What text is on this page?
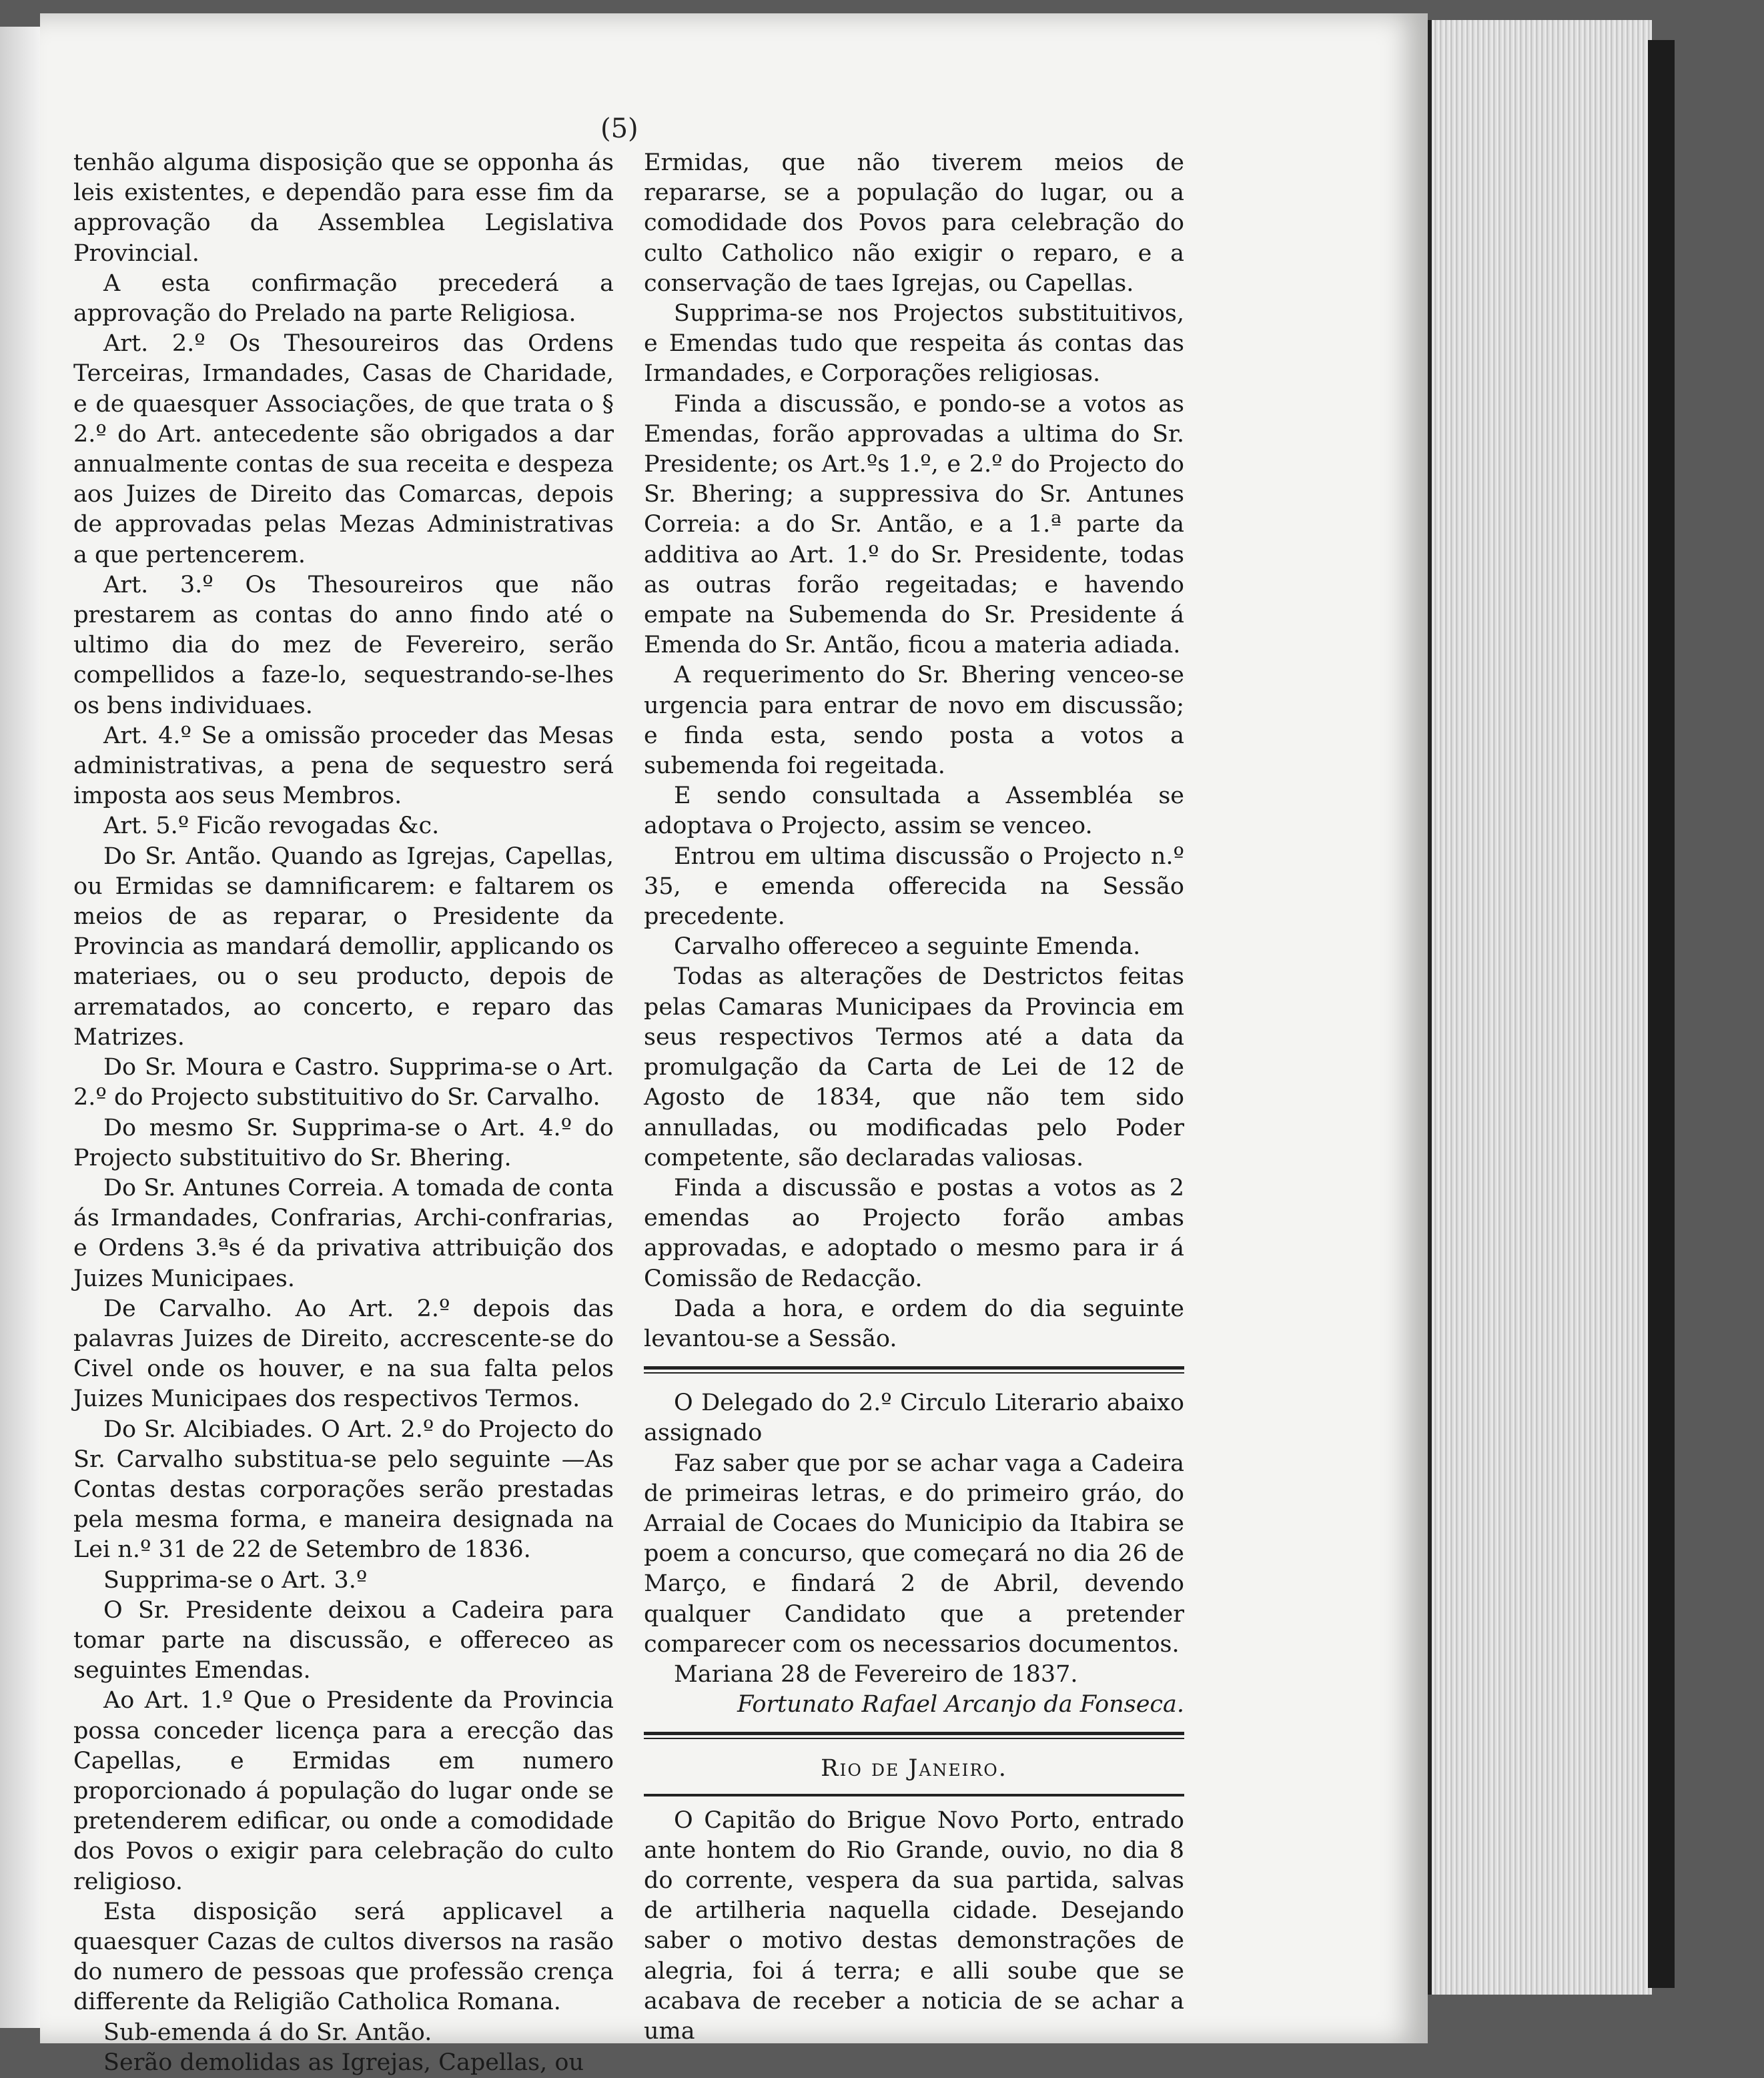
(5)

tenhão alguma disposição que se opponha ás leis existentes, e dependão para esse fim da approvação da Assemblea Legislativa Provincial.

A esta confirmação precederá a approvação do Prelado na parte Religiosa.

Art. 2.º Os Thesoureiros das Ordens Terceiras, Irmandades, Casas de Charidade, e de quaesquer Associações, de que trata o § 2.º do Art. antecedente são obrigados a dar annualmente contas de sua receita e despeza aos Juizes de Direito das Comarcas, depois de approvadas pelas Mezas Administrativas a que pertencerem.

Art. 3.º Os Thesoureiros que não prestarem as contas do anno findo até o ultimo dia do mez de Fevereiro, serão compellidos a faze-lo, sequestrando-se-lhes os bens individuaes.

Art. 4.º Se a omissão proceder das Mesas administrativas, a pena de sequestro será imposta aos seus Membros.

Art. 5.º Ficão revogadas &c.

Do Sr. Antão. Quando as Igrejas, Capellas, ou Ermidas se damnificarem: e faltarem os meios de as reparar, o Presidente da Provincia as mandará demollir, applicando os materiaes, ou o seu producto, depois de arrematados, ao concerto, e reparo das Matrizes.

Do Sr. Moura e Castro. Supprima-se o Art. 2.º do Projecto substituitivo do Sr. Carvalho.

Do mesmo Sr. Supprima-se o Art. 4.º do Projecto substituitivo do Sr. Bhering.

Do Sr. Antunes Correia. A tomada de conta ás Irmandades, Confrarias, Archi-confrarias, e Ordens 3.ªs é da privativa attribuição dos Juizes Municipaes.

De Carvalho. Ao Art. 2.º depois das palavras Juizes de Direito, accrescente-se do Civel onde os houver, e na sua falta pelos Juizes Municipaes dos respectivos Termos.

Do Sr. Alcibiades. O Art. 2.º do Projecto do Sr. Carvalho substitua-se pelo seguinte —As Contas destas corporações serão prestadas pela mesma forma, e maneira designada na Lei n.º 31 de 22 de Setembro de 1836.

Supprima-se o Art. 3.º

O Sr. Presidente deixou a Cadeira para tomar parte na discussão, e offereceo as seguintes Emendas.

Ao Art. 1.º Que o Presidente da Provincia possa conceder licença para a erecção das Capellas, e Ermidas em numero proporcionado á população do lugar onde se pretenderem edificar, ou onde a comodidade dos Povos o exigir para celebração do culto religioso.

Esta disposição será applicavel a quaesquer Cazas de cultos diversos na rasão do numero de pessoas que professão crença differente da Religião Catholica Romana.

Sub-emenda á do Sr. Antão.

Serão demolidas as Igrejas, Capellas, ou

Ermidas, que não tiverem meios de repararse, se a população do lugar, ou a comodidade dos Povos para celebração do culto Catholico não exigir o reparo, e a conservação de taes Igrejas, ou Capellas.

Supprima-se nos Projectos substituitivos, e Emendas tudo que respeita ás contas das Irmandades, e Corporações religiosas.

Finda a discussão, e pondo-se a votos as Emendas, forão approvadas a ultima do Sr. Presidente; os Art.ºs 1.º, e 2.º do Projecto do Sr. Bhering; a suppressiva do Sr. Antunes Correia: a do Sr. Antão, e a 1.ª parte da additiva ao Art. 1.º do Sr. Presidente, todas as outras forão regeitadas; e havendo empate na Subemenda do Sr. Presidente á Emenda do Sr. Antão, ficou a materia adiada.

A requerimento do Sr. Bhering venceo-se urgencia para entrar de novo em discussão; e finda esta, sendo posta a votos a subemenda foi regeitada.

E sendo consultada a Assembléa se adoptava o Projecto, assim se venceo.

Entrou em ultima discussão o Projecto n.º 35, e emenda offerecida na Sessão precedente.

Carvalho offereceo a seguinte Emenda.

Todas as alterações de Destrictos feitas pelas Camaras Municipaes da Provincia em seus respectivos Termos até a data da promulgação da Carta de Lei de 12 de Agosto de 1834, que não tem sido annulladas, ou modificadas pelo Poder competente, são declaradas valiosas.

Finda a discussão e postas a votos as 2 emendas ao Projecto forão ambas approvadas, e adoptado o mesmo para ir á Comissão de Redacção.

Dada a hora, e ordem do dia seguinte levantou-se a Sessão.

O Delegado do 2.º Circulo Literario abaixo assignado

Faz saber que por se achar vaga a Cadeira de primeiras letras, e do primeiro gráo, do Arraial de Cocaes do Municipio da Itabira se poem a concurso, que começará no dia 26 de Março, e findará 2 de Abril, devendo qualquer Candidato que a pretender comparecer com os necessarios documentos.

Mariana 28 de Fevereiro de 1837.

Fortunato Rafael Arcanjo da Fonseca.

Rio de Janeiro.

O Capitão do Brigue Novo Porto, entrado ante hontem do Rio Grande, ouvio, no dia 8 do corrente, vespera da sua partida, salvas de artilheria naquella cidade. Desejando saber o motivo destas demonstrações de alegria, foi á terra; e alli soube que se acabava de receber a noticia de se achar a uma
